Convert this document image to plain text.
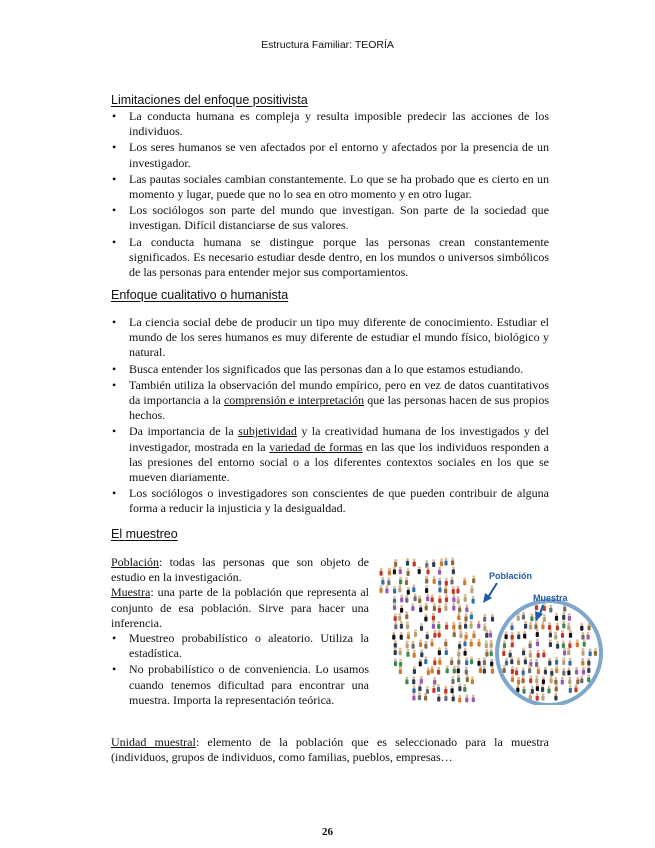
Estructura Familiar: TEORÍA
Limitaciones del enfoque positivista
• La conducta humana es compleja y resulta imposible predecir las acciones de los individuos.
• Los seres humanos se ven afectados por el entorno y afectados por la presencia de un investigador.
• Las pautas sociales cambian constantemente. Lo que se ha probado que es cierto en un momento y lugar, puede que no lo sea en otro momento y en otro lugar.
• Los sociólogos son parte del mundo que investigan. Son parte de la sociedad que investigan. Difícil distanciarse de sus valores.
• La conducta humana se distingue porque las personas crean constantemente significados. Es necesario estudiar desde dentro, en los mundos o universos simbólicos de las personas para entender mejor sus comportamientos.
Enfoque cualitativo o humanista
• La ciencia social debe de producir un tipo muy diferente de conocimiento. Estudiar el mundo de los seres humanos es muy diferente de estudiar el mundo físico, biológico y natural.
• Busca entender los significados que las personas dan a lo que estamos estudiando.
• También utiliza la observación del mundo empírico, pero en vez de datos cuantitativos da importancia a la comprensión e interpretación que las personas hacen de sus propios hechos.
• Da importancia de la subjetividad y la creatividad humana de los investigados y del investigador, mostrada en la variedad de formas en las que los individuos responden a las presiones del entorno social o a los diferentes contextos sociales en los que se mueven diariamente.
• Los sociólogos o investigadores son conscientes de que pueden contribuir de alguna forma a reducir la injusticia y la desigualdad.
El muestreo
Población: todas las personas que son objeto de estudio en la investigación.
Muestra: una parte de la población que representa al conjunto de esa población. Sirve para hacer una inferencia.
• Muestreo probabilístico o aleatorio. Utiliza la estadística.
• No probabilístico o de conveniencia. Lo usamos cuando tenemos dificultad para encontrar una muestra. Importa la representación teórica.
Población
Muestra
Unidad muestral: elemento de la población que es seleccionado para la muestra (individuos, grupos de individuos, como familias, pueblos, empresas…
26
